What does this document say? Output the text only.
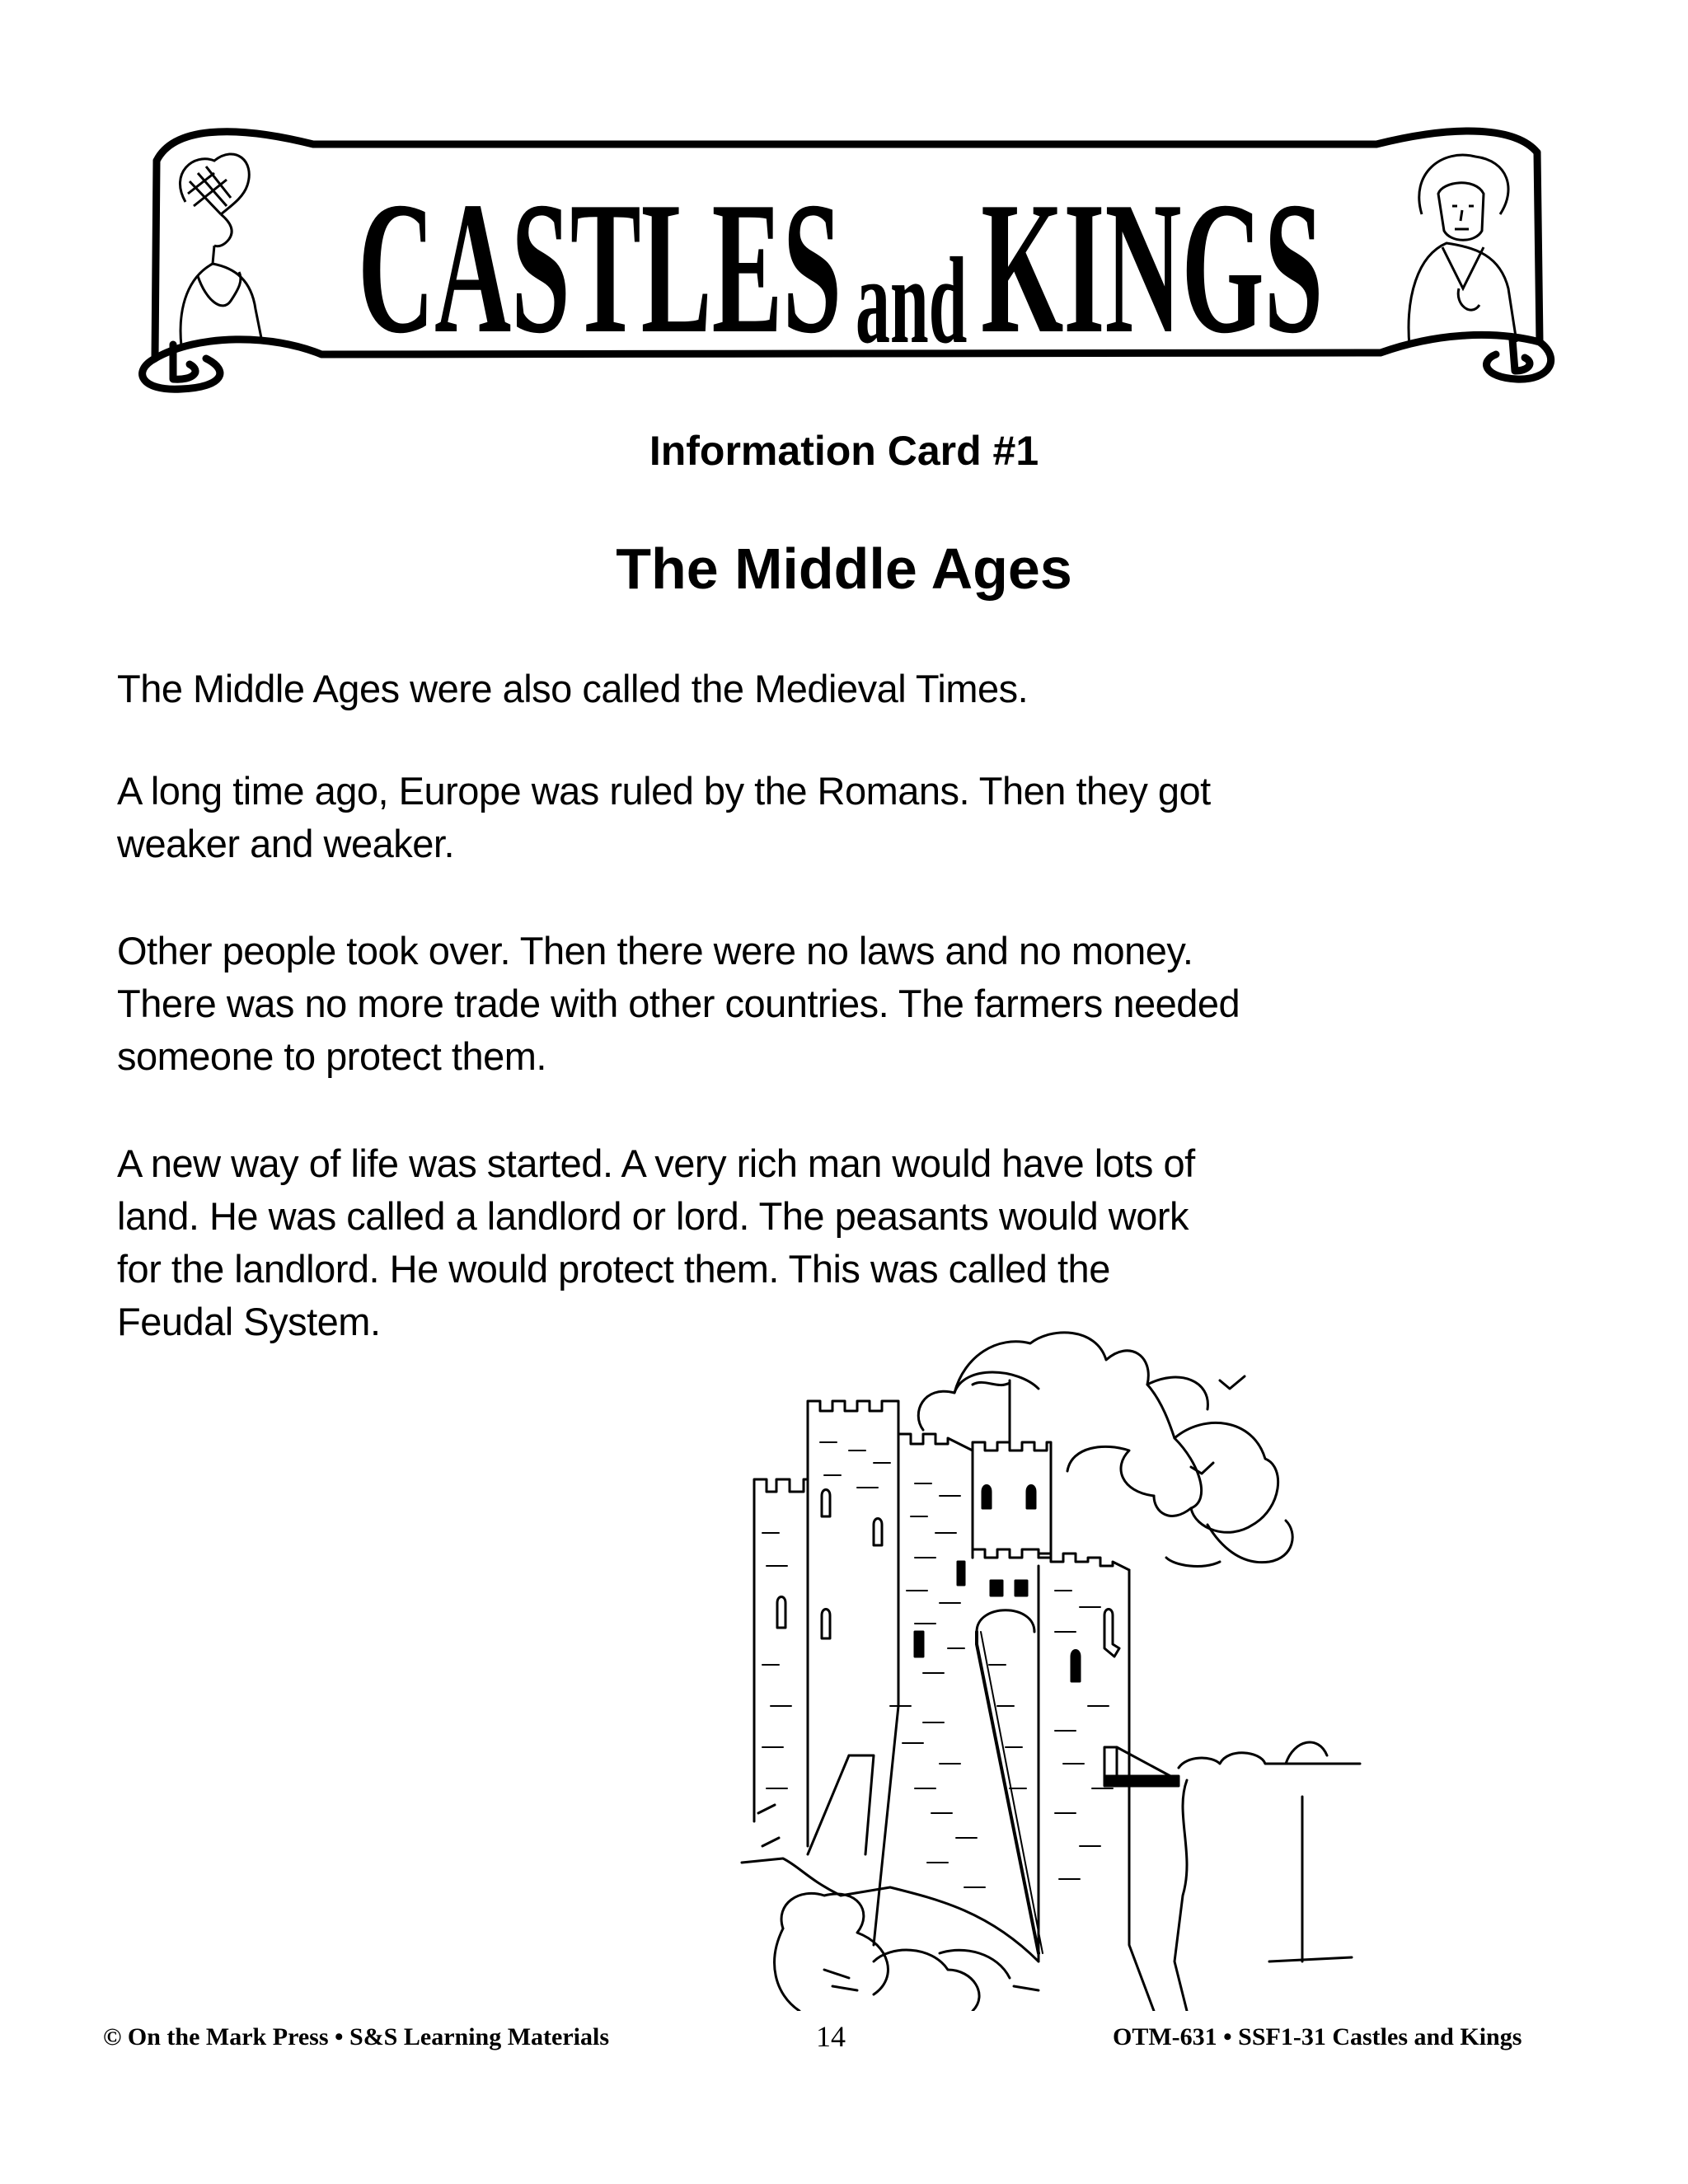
CASTLES and KINGS
Information Card #1
The Middle Ages

The Middle Ages were also called the Medieval Times.

A long time ago, Europe was ruled by the Romans. Then they got
weaker and weaker.

Other people took over. Then there were no laws and no money.
There was no more trade with other countries. The farmers needed
someone to protect them.

A new way of life was started. A very rich man would have lots of
land. He was called a landlord or lord. The peasants would work
for the landlord. He would protect them. This was called the
Feudal System.

© On the Mark Press • S&S Learning Materials	14	OTM-631 • SSF1-31 Castles and Kings
